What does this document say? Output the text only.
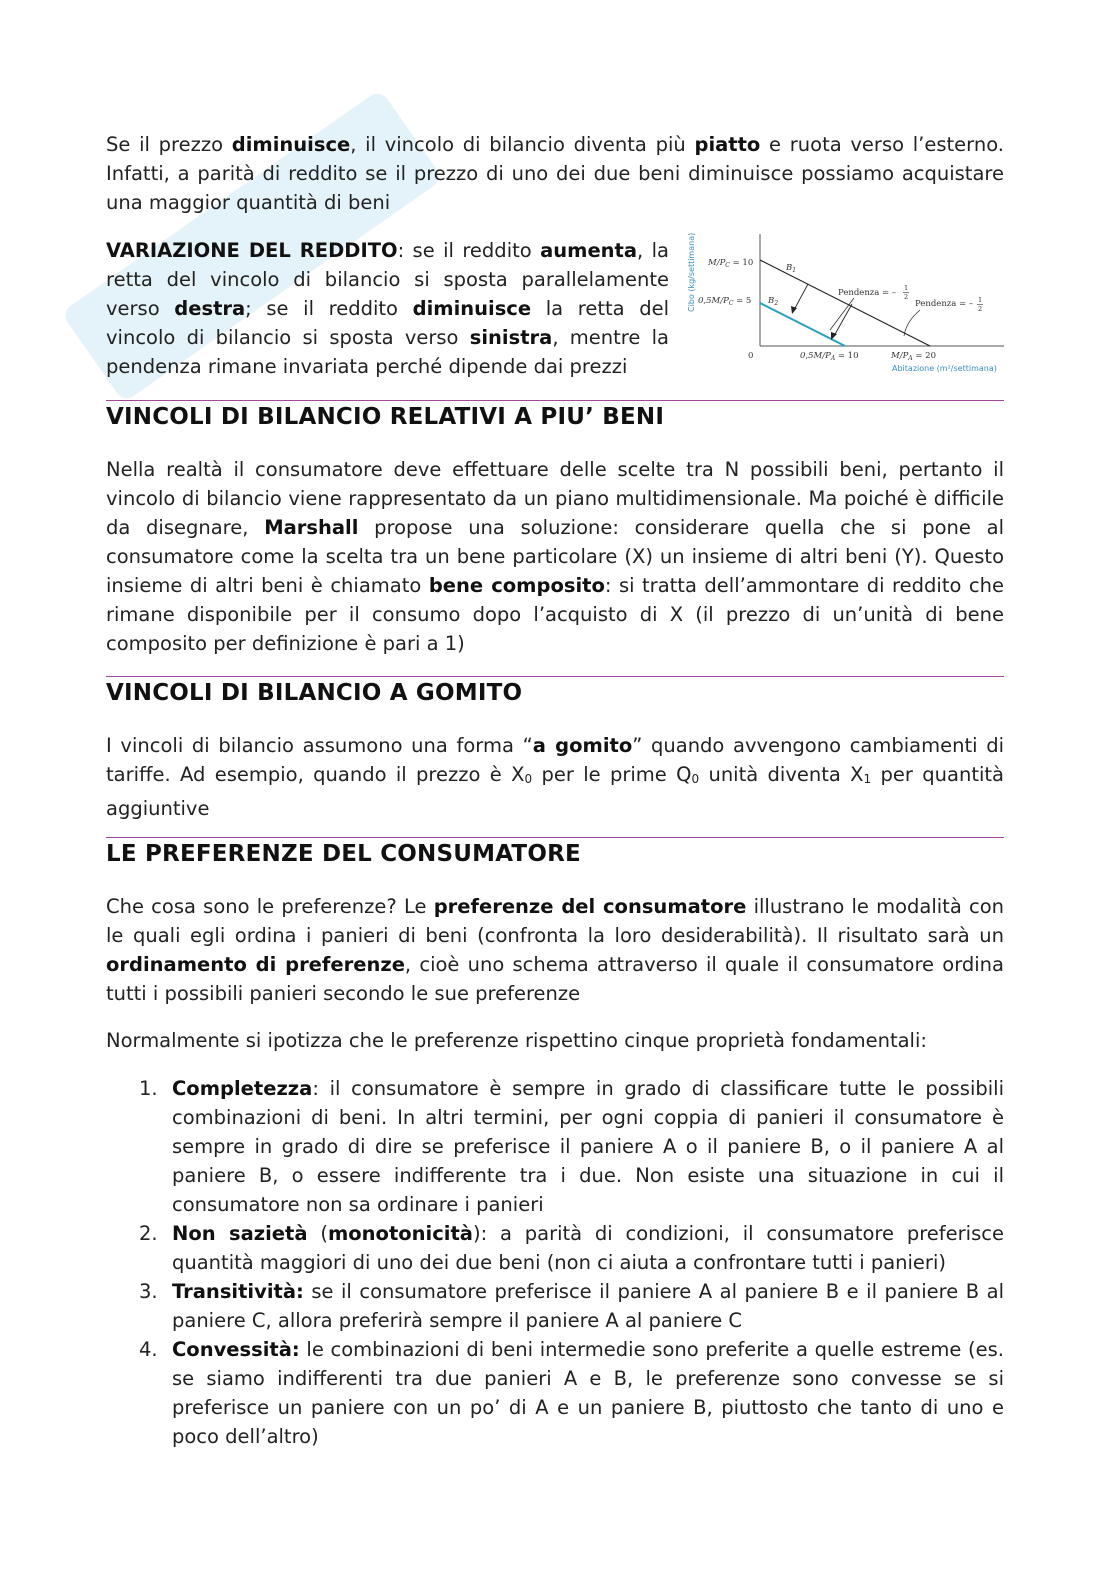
Se il prezzo diminuisce, il vincolo di bilancio diventa più piatto e ruota verso l’esterno. Infatti, a parità di reddito se il prezzo di uno dei due beni diminuisce possiamo acquistare una maggior quantità di beni

VARIAZIONE DEL REDDITO: se il reddito aumenta, la retta del vincolo di bilancio si sposta parallelamente verso destra; se il reddito diminuisce la retta del vincolo di bilancio si sposta verso sinistra, mentre la pendenza rimane invariata perché dipende dai prezzi

Cibo (kg/settimana) $M/P_C = 10$
$0,5M/P_C = 5$
0	$0,5M/P_A = 10$	$M/P_A = 20$
Abitazione (m²/settimana)
$B_1$
$B_2$
Pendenza = – 1
2
Pendenza = – 1
2
VINCOLI DI BILANCIO RELATIVI A PIU’ BENI

Nella realtà il consumatore deve effettuare delle scelte tra N possibili beni, pertanto il vincolo di bilancio viene rappresentato da un piano multidimensionale. Ma poiché è difficile da disegnare, Marshall propose una soluzione: considerare quella che si pone al consumatore come la scelta tra un bene particolare (X) un insieme di altri beni (Y). Questo insieme di altri beni è chiamato bene composito: si tratta dell’ammontare di reddito che rimane disponibile per il consumo dopo l’acquisto di X (il prezzo di un’unità di bene composito per definizione è pari a 1)

VINCOLI DI BILANCIO A GOMITO

I vincoli di bilancio assumono una forma “a gomito” quando avvengono cambiamenti di tariffe. Ad esempio, quando il prezzo è X0 per le prime Q0 unità diventa X1 per quantità aggiuntive

LE PREFERENZE DEL CONSUMATORE

Che cosa sono le preferenze? Le preferenze del consumatore illustrano le modalità con le quali egli ordina i panieri di beni (confronta la loro desiderabilità). Il risultato sarà un ordinamento di preferenze, cioè uno schema attraverso il quale il consumatore ordina tutti i possibili panieri secondo le sue preferenze

Normalmente si ipotizza che le preferenze rispettino cinque proprietà fondamentali:

1. Completezza: il consumatore è sempre in grado di classificare tutte le possibili combinazioni di beni. In altri termini, per ogni coppia di panieri il consumatore è sempre in grado di dire se preferisce il paniere A o il paniere B, o il paniere A al paniere B, o essere indifferente tra i due. Non esiste una situazione in cui il consumatore non sa ordinare i panieri
2. Non sazietà (monotonicità): a parità di condizioni, il consumatore preferisce quantità maggiori di uno dei due beni (non ci aiuta a confrontare tutti i panieri)
3. Transitività: se il consumatore preferisce il paniere A al paniere B e il paniere B al paniere C, allora preferirà sempre il paniere A al paniere C
4. Convessità: le combinazioni di beni intermedie sono preferite a quelle estreme (es. se siamo indifferenti tra due panieri A e B, le preferenze sono convesse se si preferisce un paniere con un po’ di A e un paniere B, piuttosto che tanto di uno e poco dell’altro)
